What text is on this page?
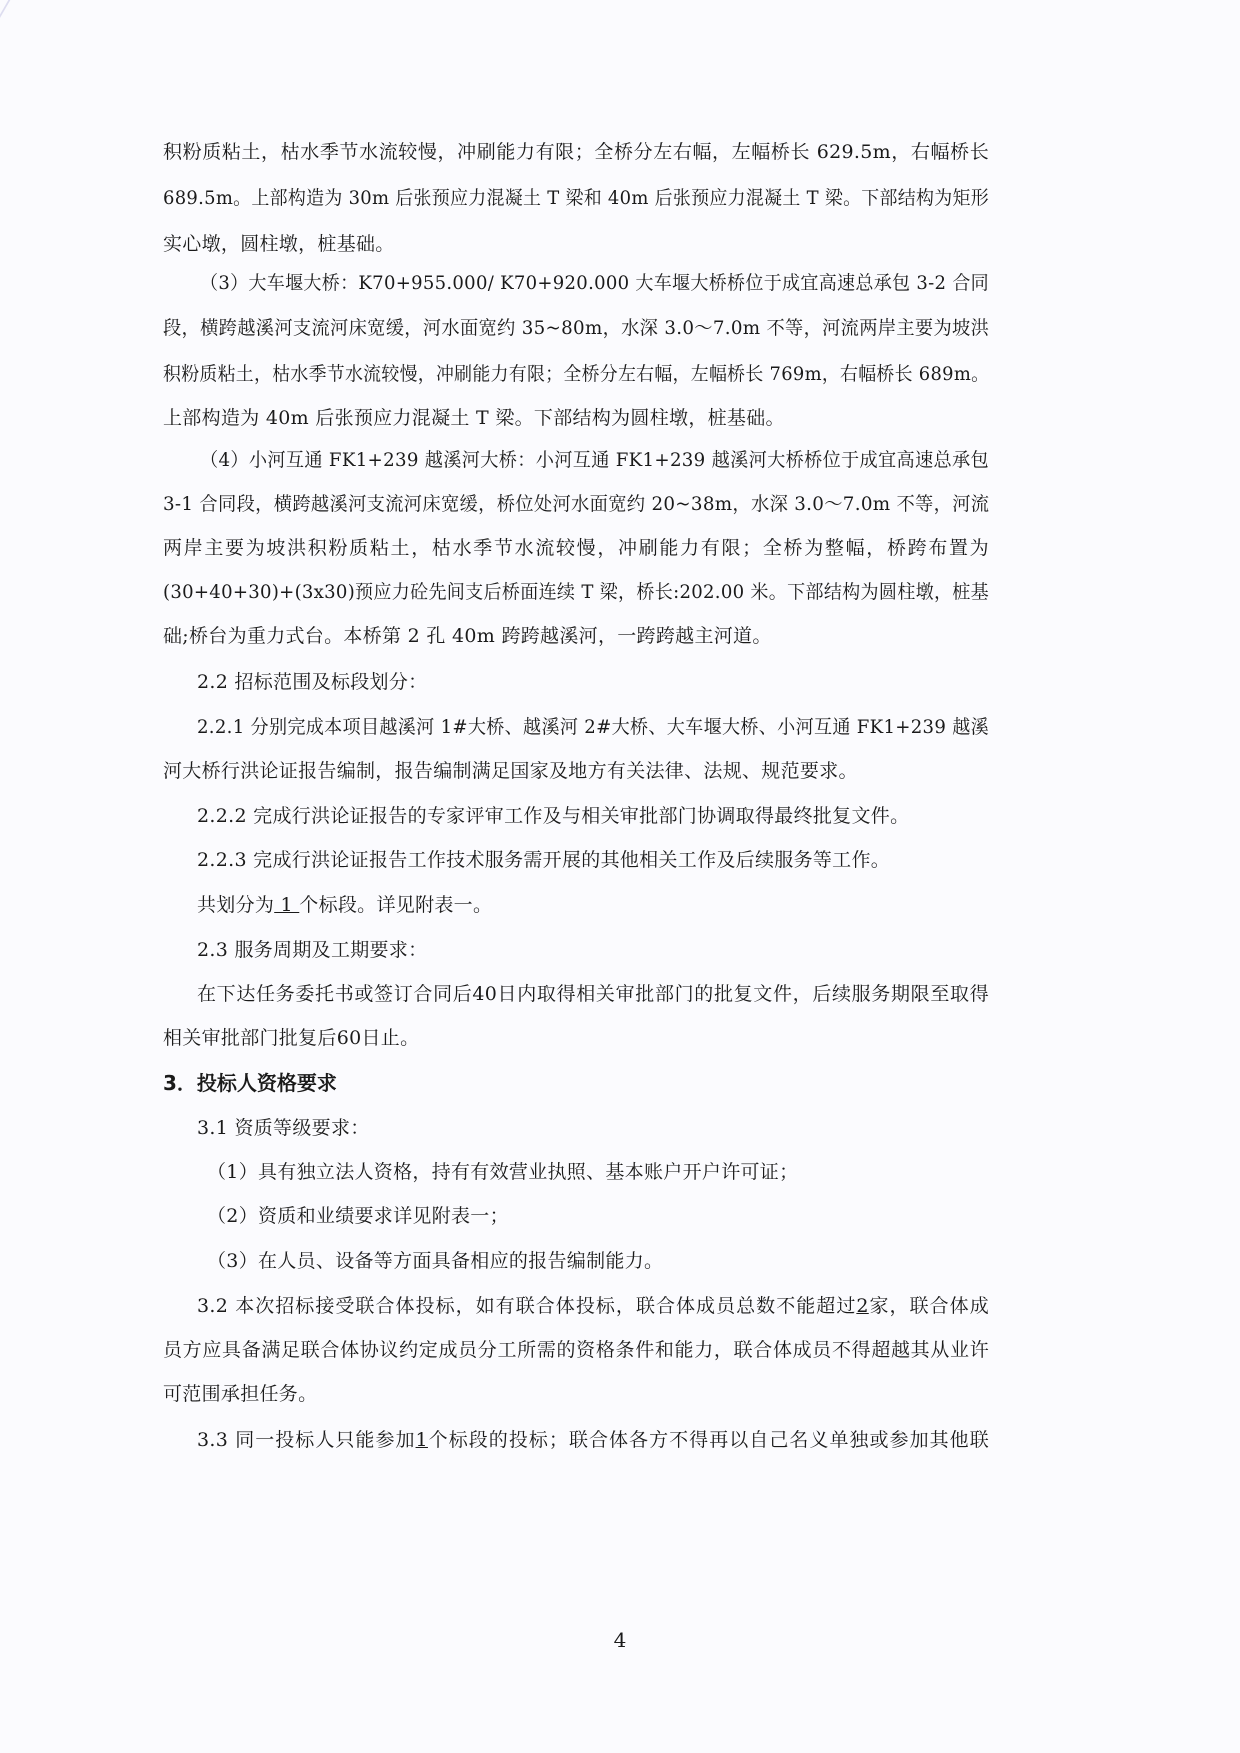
积粉质粘土，枯水季节水流较慢，冲刷能力有限；全桥分左右幅，左幅桥长 629.5m，右幅桥长
689.5m。上部构造为 30m 后张预应力混凝土 T 梁和 40m 后张预应力混凝土 T 梁。下部结构为矩形
实心墩，圆柱墩，桩基础。
（3）大车堰大桥：K70+955.000/ K70+920.000 大车堰大桥桥位于成宜高速总承包 3-2 合同
段，横跨越溪河支流河床宽缓，河水面宽约 35~80m，水深 3.0～7.0m 不等，河流两岸主要为坡洪
积粉质粘土，枯水季节水流较慢，冲刷能力有限；全桥分左右幅，左幅桥长 769m，右幅桥长 689m。
上部构造为 40m 后张预应力混凝土 T 梁。下部结构为圆柱墩，桩基础。
（4）小河互通 FK1+239 越溪河大桥：小河互通 FK1+239 越溪河大桥桥位于成宜高速总承包
3-1 合同段，横跨越溪河支流河床宽缓，桥位处河水面宽约 20~38m，水深 3.0～7.0m 不等，河流
两岸主要为坡洪积粉质粘土，枯水季节水流较慢，冲刷能力有限；全桥为整幅，桥跨布置为
(30+40+30)+(3x30)预应力砼先间支后桥面连续 T 梁，桥长:202.00 米。下部结构为圆柱墩，桩基
础;桥台为重力式台。本桥第 2 孔 40m 跨跨越溪河，一跨跨越主河道。
2.2 招标范围及标段划分：
2.2.1 分别完成本项目越溪河 1#大桥、越溪河 2#大桥、大车堰大桥、小河互通 FK1+239 越溪
河大桥行洪论证报告编制，报告编制满足国家及地方有关法律、法规、规范要求。
2.2.2 完成行洪论证报告的专家评审工作及与相关审批部门协调取得最终批复文件。
2.2.3 完成行洪论证报告工作技术服务需开展的其他相关工作及后续服务等工作。
共划分为 1 个标段。详见附表一。
2.3 服务周期及工期要求：
在下达任务委托书或签订合同后40日内取得相关审批部门的批复文件，后续服务期限至取得
相关审批部门批复后60日止。
3．投标人资格要求
3.1 资质等级要求：
（1）具有独立法人资格，持有有效营业执照、基本账户开户许可证；
（2）资质和业绩要求详见附表一；
（3）在人员、设备等方面具备相应的报告编制能力。
3.2 本次招标接受联合体投标，如有联合体投标，联合体成员总数不能超过2家，联合体成
员方应具备满足联合体协议约定成员分工所需的资格条件和能力，联合体成员不得超越其从业许
可范围承担任务。
3.3 同一投标人只能参加1个标段的投标；联合体各方不得再以自己名义单独或参加其他联
4
